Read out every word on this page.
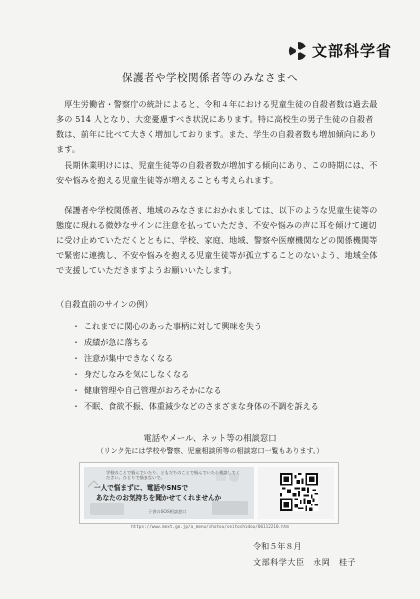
文部科学省
保護者や学校関係者等のみなさまへ

　厚生労働省・警察庁の統計によると、令和４年における児童生徒の自殺者数は過去最多の 514 人となり、大変憂慮すべき状況にあります。特に高校生の男子生徒の自殺者数は、前年に比べて大きく増加しております。また、学生の自殺者数も増加傾向にあります。

　長期休業明けには、児童生徒等の自殺者数が増加する傾向にあり、この時期には、不安や悩みを抱える児童生徒等が増えることも考えられます。

　保護者や学校関係者、地域のみなさまにおかれましては、以下のような児童生徒等の態度に現れる微妙なサインに注意を払っていただき、不安や悩みの声に耳を傾けて適切に受け止めていただくとともに、学校、家庭、地域、警察や医療機関などの関係機関等で緊密に連携し、不安や悩みを抱える児童生徒等が孤立することのないよう、地域全体で支援していただきますようお願いいたします。

（自殺直前のサインの例）
・ これまでに関心のあった事柄に対して興味を失う
・ 成績が急に落ちる
・ 注意が集中できなくなる
・ 身だしなみを気にしなくなる
・ 健康管理や自己管理がおろそかになる
・ 不眠、食欲不振、体重減少などのさまざまな身体の不調を訴える
電話やメール、ネット等の相談窓口
（リンク先には学校や警察、児童相談所等の相談窓口一覧もあります。）
学校のことで悩んでいたり、ともだちのことで悩んでいたら相談してください。ひとりで悩まないで。
一人で悩まずに、電話やSNSで
あなたのお気持ちを聞かせてくれませんか
子供のSOS相談窓口
https://www.mext.go.jp/a_menu/shotou/seitoshidou/06112210.htm
令和５年８月
文部科学大臣　永岡　桂子
